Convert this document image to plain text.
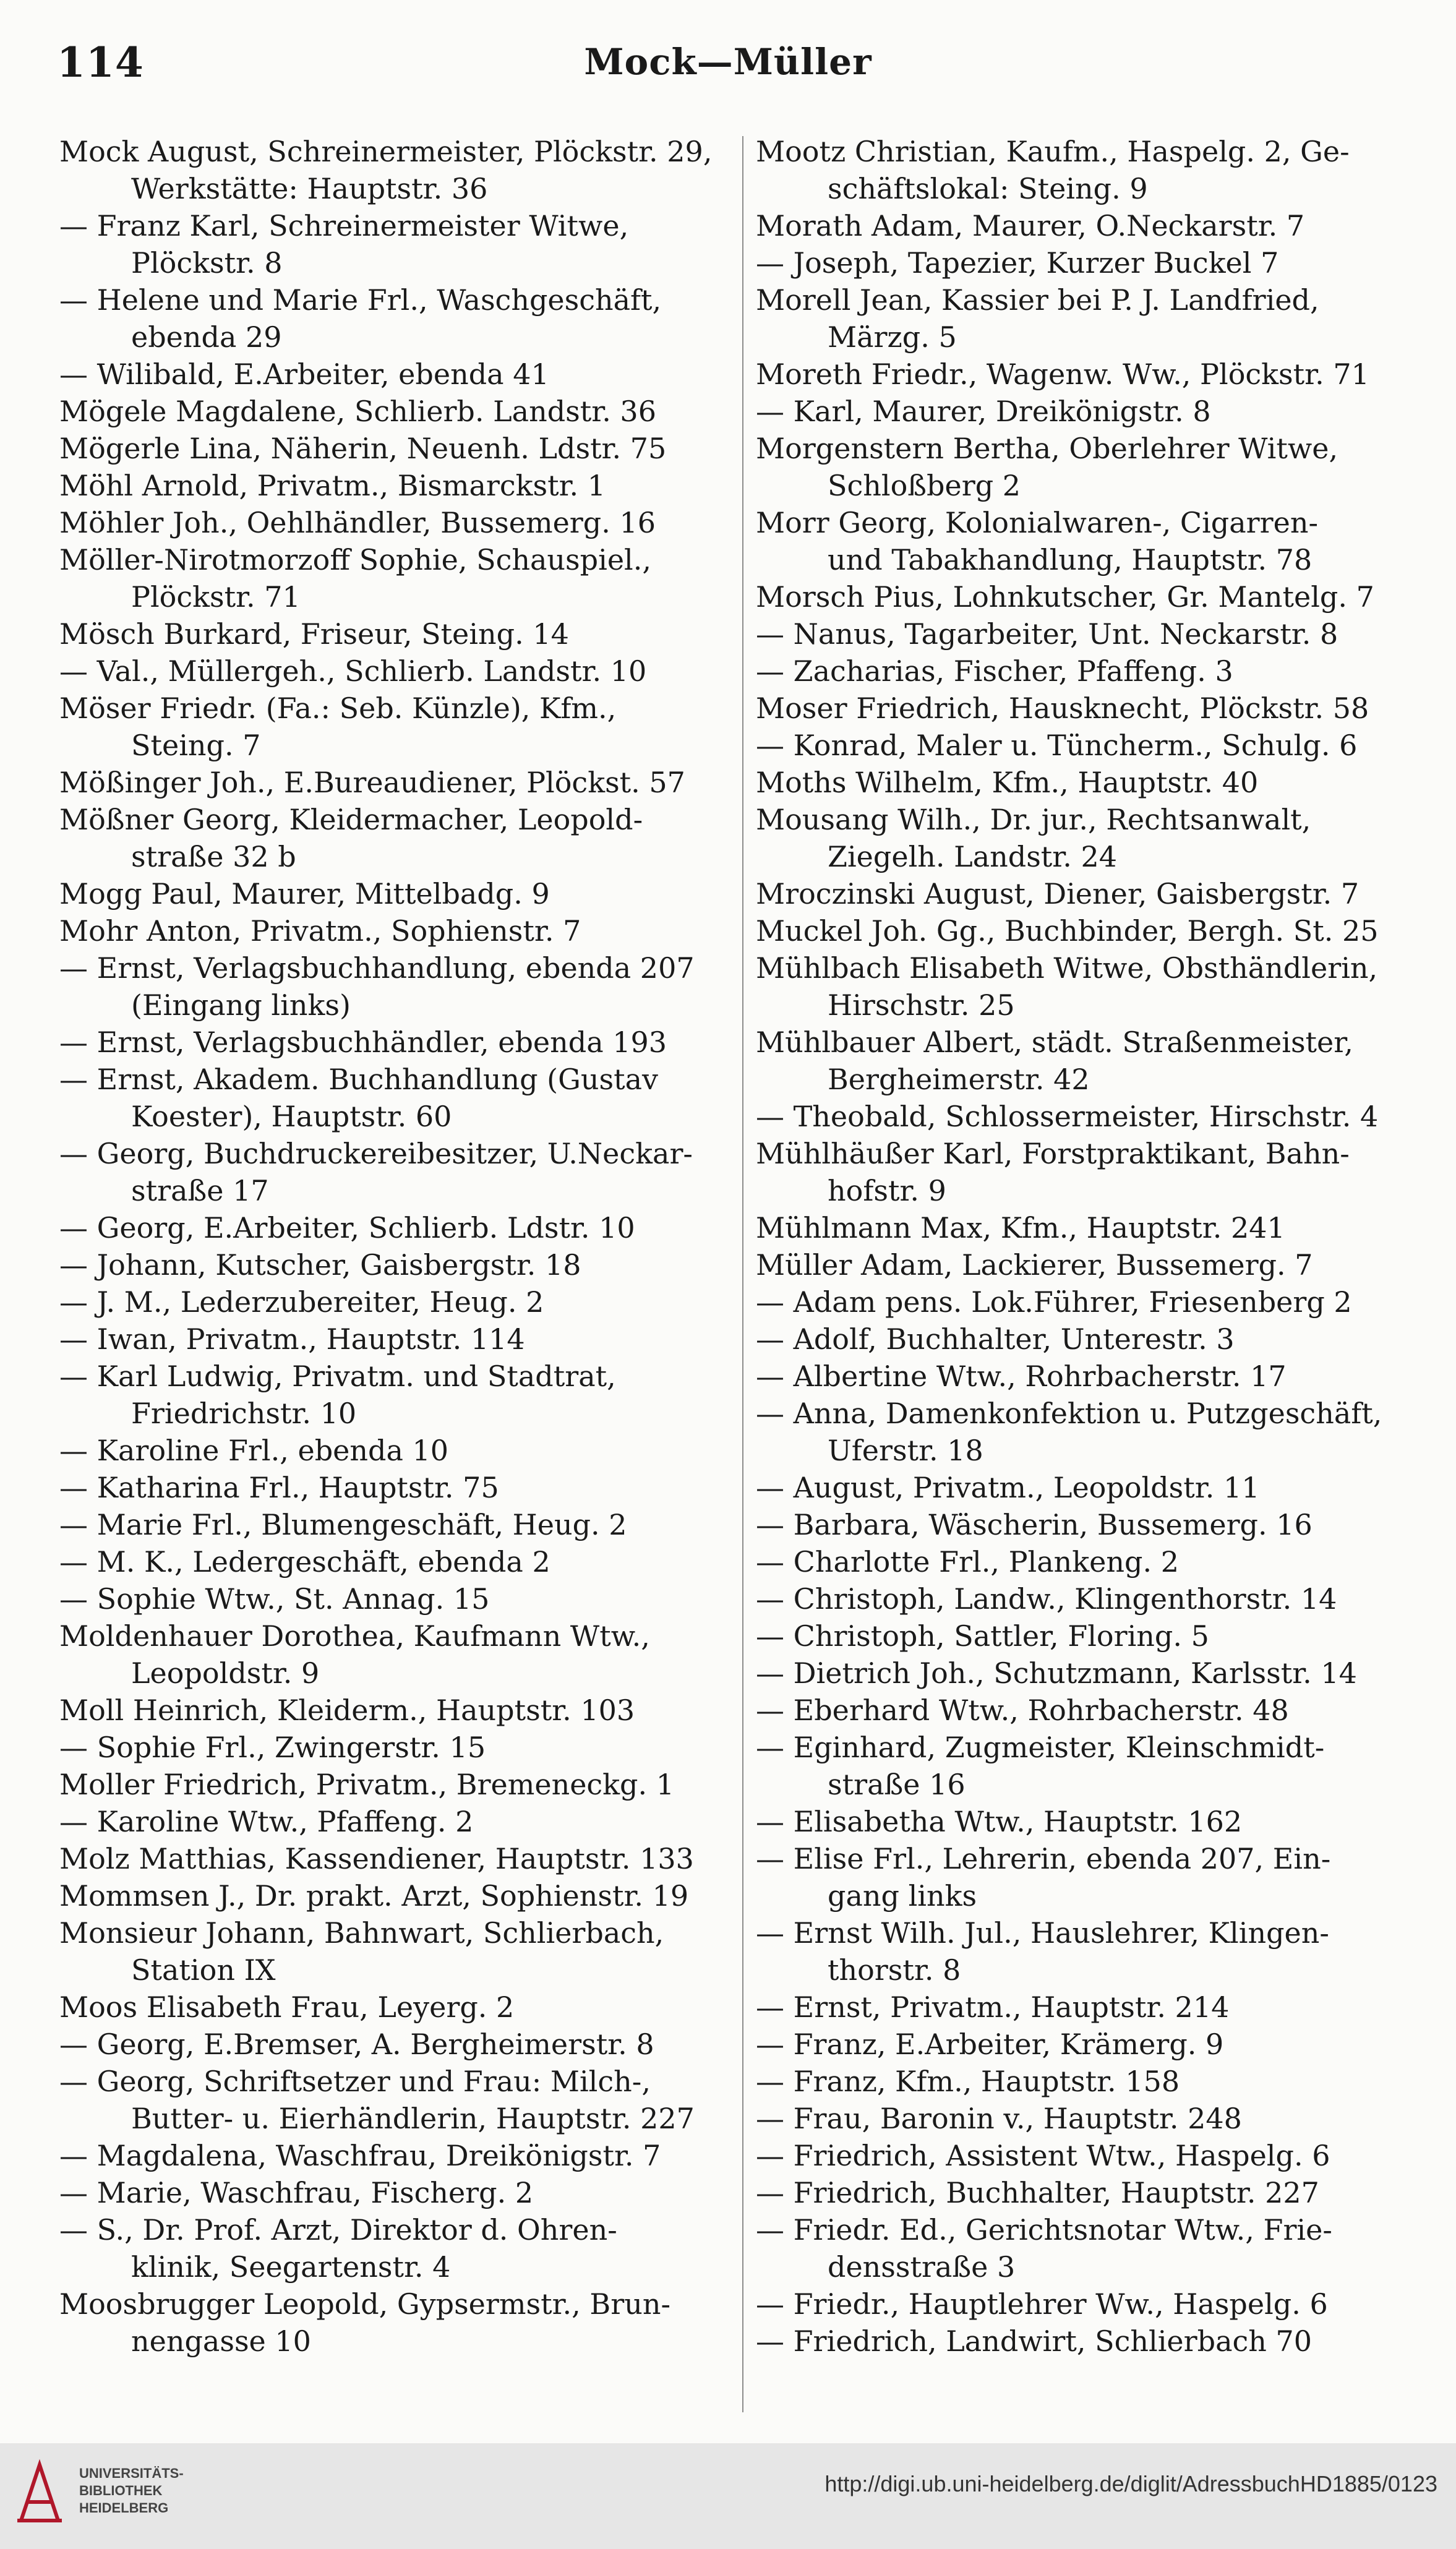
114	Mock—Müller

Mock August, Schreinermeister, Plöckstr. 29,
Werkstätte: Hauptstr. 36

— Franz Karl, Schreinermeister Witwe,
Plöckstr. 8

— Helene und Marie Frl., Waschgeschäft,
ebenda 29

— Wilibald, E.Arbeiter, ebenda 41

Mögele Magdalene, Schlierb. Landstr. 36

Mögerle Lina, Näherin, Neuenh. Ldstr. 75

Möhl Arnold, Privatm., Bismarckstr. 1

Möhler Joh., Oehlhändler, Bussemerg. 16

Möller-Nirotmorzoff Sophie, Schauspiel.,
Plöckstr. 71

Mösch Burkard, Friseur, Steing. 14

— Val., Müllergeh., Schlierb. Landstr. 10

Möser Friedr. (Fa.: Seb. Künzle), Kfm.,
Steing. 7

Mößinger Joh., E.Bureaudiener, Plöckst. 57

Mößner Georg, Kleidermacher, Leopold-
straße 32 b

Mogg Paul, Maurer, Mittelbadg. 9

Mohr Anton, Privatm., Sophienstr. 7

— Ernst, Verlagsbuchhandlung, ebenda 207
(Eingang links)

— Ernst, Verlagsbuchhändler, ebenda 193

— Ernst, Akadem. Buchhandlung (Gustav
Koester), Hauptstr. 60

— Georg, Buchdruckereibesitzer, U.Neckar-
straße 17

— Georg, E.Arbeiter, Schlierb. Ldstr. 10

— Johann, Kutscher, Gaisbergstr. 18

— J. M., Lederzubereiter, Heug. 2

— Iwan, Privatm., Hauptstr. 114

— Karl Ludwig, Privatm. und Stadtrat,
Friedrichstr. 10

— Karoline Frl., ebenda 10

— Katharina Frl., Hauptstr. 75

— Marie Frl., Blumengeschäft, Heug. 2

— M. K., Ledergeschäft, ebenda 2

— Sophie Wtw., St. Annag. 15

Moldenhauer Dorothea, Kaufmann Wtw.,
Leopoldstr. 9

Moll Heinrich, Kleiderm., Hauptstr. 103

— Sophie Frl., Zwingerstr. 15

Moller Friedrich, Privatm., Bremeneckg. 1

— Karoline Wtw., Pfaffeng. 2

Molz Matthias, Kassendiener, Hauptstr. 133

Mommsen J., Dr. prakt. Arzt, Sophienstr. 19

Monsieur Johann, Bahnwart, Schlierbach,
Station IX

Moos Elisabeth Frau, Leyerg. 2

— Georg, E.Bremser, A. Bergheimerstr. 8

— Georg, Schriftsetzer und Frau: Milch-,
Butter- u. Eierhändlerin, Hauptstr. 227

— Magdalena, Waschfrau, Dreikönigstr. 7

— Marie, Waschfrau, Fischerg. 2

— S., Dr. Prof. Arzt, Direktor d. Ohren-
klinik, Seegartenstr. 4

Moosbrugger Leopold, Gypsermstr., Brun-
nengasse 10

Mootz Christian, Kaufm., Haspelg. 2, Ge-
schäftslokal: Steing. 9

Morath Adam, Maurer, O.Neckarstr. 7

— Joseph, Tapezier, Kurzer Buckel 7

Morell Jean, Kassier bei P. J. Landfried,
Märzg. 5

Moreth Friedr., Wagenw. Ww., Plöckstr. 71

— Karl, Maurer, Dreikönigstr. 8

Morgenstern Bertha, Oberlehrer Witwe,
Schloßberg 2

Morr Georg, Kolonialwaren-, Cigarren-
und Tabakhandlung, Hauptstr. 78

Morsch Pius, Lohnkutscher, Gr. Mantelg. 7

— Nanus, Tagarbeiter, Unt. Neckarstr. 8

— Zacharias, Fischer, Pfaffeng. 3

Moser Friedrich, Hausknecht, Plöckstr. 58

— Konrad, Maler u. Tüncherm., Schulg. 6

Moths Wilhelm, Kfm., Hauptstr. 40

Mousang Wilh., Dr. jur., Rechtsanwalt,
Ziegelh. Landstr. 24

Mroczinski August, Diener, Gaisbergstr. 7

Muckel Joh. Gg., Buchbinder, Bergh. St. 25

Mühlbach Elisabeth Witwe, Obsthändlerin,
Hirschstr. 25

Mühlbauer Albert, städt. Straßenmeister,
Bergheimerstr. 42

— Theobald, Schlossermeister, Hirschstr. 4

Mühlhäußer Karl, Forstpraktikant, Bahn-
hofstr. 9

Mühlmann Max, Kfm., Hauptstr. 241

Müller Adam, Lackierer, Bussemerg. 7

— Adam pens. Lok.Führer, Friesenberg 2

— Adolf, Buchhalter, Unterestr. 3

— Albertine Wtw., Rohrbacherstr. 17

— Anna, Damenkonfektion u. Putzgeschäft,
Uferstr. 18

— August, Privatm., Leopoldstr. 11

— Barbara, Wäscherin, Bussemerg. 16

— Charlotte Frl., Plankeng. 2

— Christoph, Landw., Klingenthorstr. 14

— Christoph, Sattler, Floring. 5

— Dietrich Joh., Schutzmann, Karlsstr. 14

— Eberhard Wtw., Rohrbacherstr. 48

— Eginhard, Zugmeister, Kleinschmidt-
straße 16

— Elisabetha Wtw., Hauptstr. 162

— Elise Frl., Lehrerin, ebenda 207, Ein-
gang links

— Ernst Wilh. Jul., Hauslehrer, Klingen-
thorstr. 8

— Ernst, Privatm., Hauptstr. 214

— Franz, E.Arbeiter, Krämerg. 9

— Franz, Kfm., Hauptstr. 158

— Frau, Baronin v., Hauptstr. 248

— Friedrich, Assistent Wtw., Haspelg. 6

— Friedrich, Buchhalter, Hauptstr. 227

— Friedr. Ed., Gerichtsnotar Wtw., Frie-
densstraße 3

— Friedr., Hauptlehrer Ww., Haspelg. 6

— Friedrich, Landwirt, Schlierbach 70

UNIVERSITÄTS-
BIBLIOTHEK
HEIDELBERG
http://digi.ub.uni-heidelberg.de/diglit/AdressbuchHD1885/0123
